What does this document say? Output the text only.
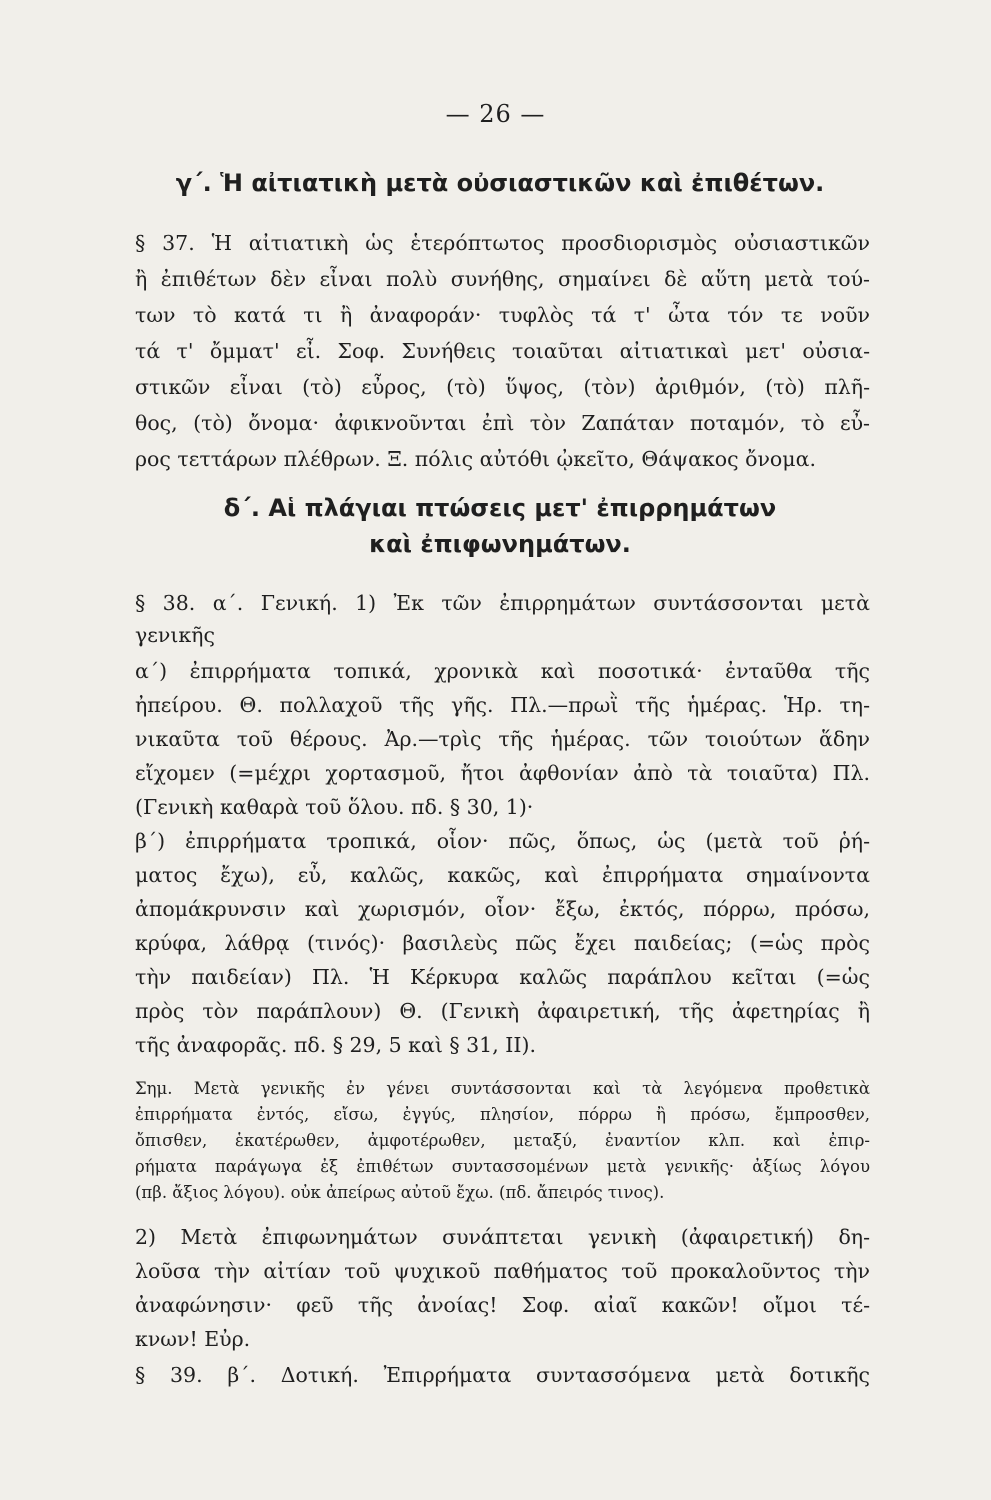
— 26 —
γ΄. Ἡ αἰτιατικὴ μετὰ οὐσιαστικῶν καὶ ἐπιθέτων.
§ 37. Ἡ αἰτιατικὴ ὡς ἑτερόπτωτος προσδιορισμὸς οὐσιαστικῶν
ἢ ἐπιθέτων δὲν εἶναι πολὺ συνήθης, σημαίνει δὲ αὕτη μετὰ τού-
των τὸ κατά τι ἢ ἀναφοράν· τυφλὸς τά τ' ὦτα τόν τε νοῦν
τά τ' ὄμματ' εἶ. Σοφ. Συνήθεις τοιαῦται αἰτιατικαὶ μετ' οὐσια-
στικῶν εἶναι (τὸ) εὖρος, (τὸ) ὕψος, (τὸν) ἀριθμόν, (τὸ) πλῆ-
θος, (τὸ) ὄνομα· ἀφικνοῦνται ἐπὶ τὸν Ζαπάταν ποταμόν, τὸ εὖ-
ρος τεττάρων πλέθρων. Ξ. πόλις αὐτόθι ᾠκεῖτο, Θάψακος ὄνομα.
δ΄. Αἱ πλάγιαι πτώσεις μετ' ἐπιρρημάτων
καὶ ἐπιφωνημάτων.
§ 38. α΄. Γενική. 1) Ἐκ τῶν ἐπιρρημάτων συντάσσονται μετὰ
γενικῆς
α΄) ἐπιρρήματα τοπικά, χρονικὰ καὶ ποσοτικά· ἐνταῦθα τῆς
ἠπείρου. Θ. πολλαχοῦ τῆς γῆς. Πλ.—πρωῒ τῆς ἡμέρας. Ἡρ. τη-
νικαῦτα τοῦ θέρους. Ἀρ.—τρὶς τῆς ἡμέρας. τῶν τοιούτων ἅδην
εἴχομεν (=μέχρι χορτασμοῦ, ἤτοι ἀφθονίαν ἀπὸ τὰ τοιαῦτα) Πλ.
(Γενικὴ καθαρὰ τοῦ ὅλου. πδ. § 30, 1)·
β΄) ἐπιρρήματα τροπικά, οἷον· πῶς, ὅπως, ὡς (μετὰ τοῦ ῥή-
ματος ἔχω), εὖ, καλῶς, κακῶς, καὶ ἐπιρρήματα σημαίνοντα
ἀπομάκρυνσιν καὶ χωρισμόν, οἷον· ἔξω, ἐκτός, πόρρω, πρόσω,
κρύφα, λάθρᾳ (τινός)· βασιλεὺς πῶς ἔχει παιδείας; (=ὡς πρὸς
τὴν παιδείαν) Πλ. Ἡ Κέρκυρα καλῶς παράπλου κεῖται (=ὡς
πρὸς τὸν παράπλουν) Θ. (Γενικὴ ἀφαιρετική, τῆς ἀφετηρίας ἢ
τῆς ἀναφορᾶς. πδ. § 29, 5 καὶ § 31, ΙΙ).
Σημ. Μετὰ γενικῆς ἐν γένει συντάσσονται καὶ τὰ λεγόμενα προθετικὰ
ἐπιρρήματα ἐντός, εἴσω, ἐγγύς, πλησίον, πόρρω ἢ πρόσω, ἔμπροσθεν,
ὄπισθεν, ἑκατέρωθεν, ἀμφοτέρωθεν, μεταξύ, ἐναντίον κλπ. καὶ ἐπιρ-
ρήματα παράγωγα ἐξ ἐπιθέτων συντασσομένων μετὰ γενικῆς· ἀξίως λόγου
(πβ. ἄξιος λόγου). οὐκ ἀπείρως αὐτοῦ ἔχω. (πδ. ἄπειρός τινος).
2) Μετὰ ἐπιφωνημάτων συνάπτεται γενικὴ (ἀφαιρετική) δη-
λοῦσα τὴν αἰτίαν τοῦ ψυχικοῦ παθήματος τοῦ προκαλοῦντος τὴν
ἀναφώνησιν· φεῦ τῆς ἀνοίας! Σοφ. αἰαῖ κακῶν! οἴμοι τέ-
κνων! Εὐρ.
§ 39. β΄. Δοτική. Ἐπιρρήματα συντασσόμενα μετὰ δοτικῆς
